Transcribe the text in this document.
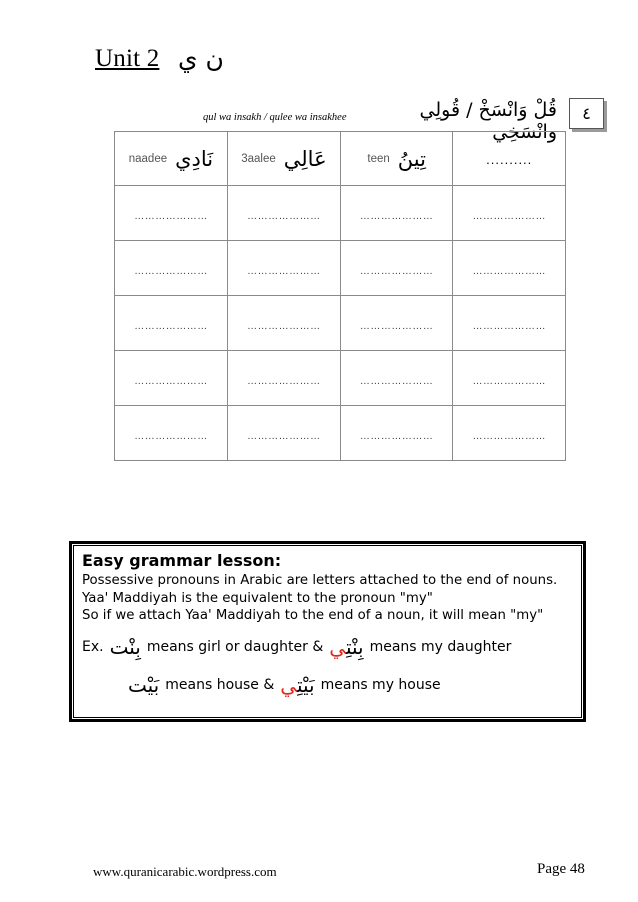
Unit 2 ن ي
qul wa insakh / qulee wa insakhee	قُلْ وَانْسَخْ / قُولِي وانْسَخِي
٤
naadee نَادِي	3aalee عَالِي	teen تِينُ	..........
…………………	…………………	…………………	…………………
…………………	…………………	…………………	…………………
…………………	…………………	…………………	…………………
…………………	…………………	…………………	…………………
…………………	…………………	…………………	…………………
Easy grammar lesson:
Possessive pronouns in Arabic are letters attached to the end of nouns.
Yaa' Maddiyah is the equivalent to the pronoun "my"
So if we attach Yaa' Maddiyah to the end of a noun, it will mean "my"
Ex. بِنْت means girl or daughter &	بِنْتِي	means my daughter
بَيْت means house &	بَيْتِي	means my house
www.quranicarabic.wordpress.com	Page 48
